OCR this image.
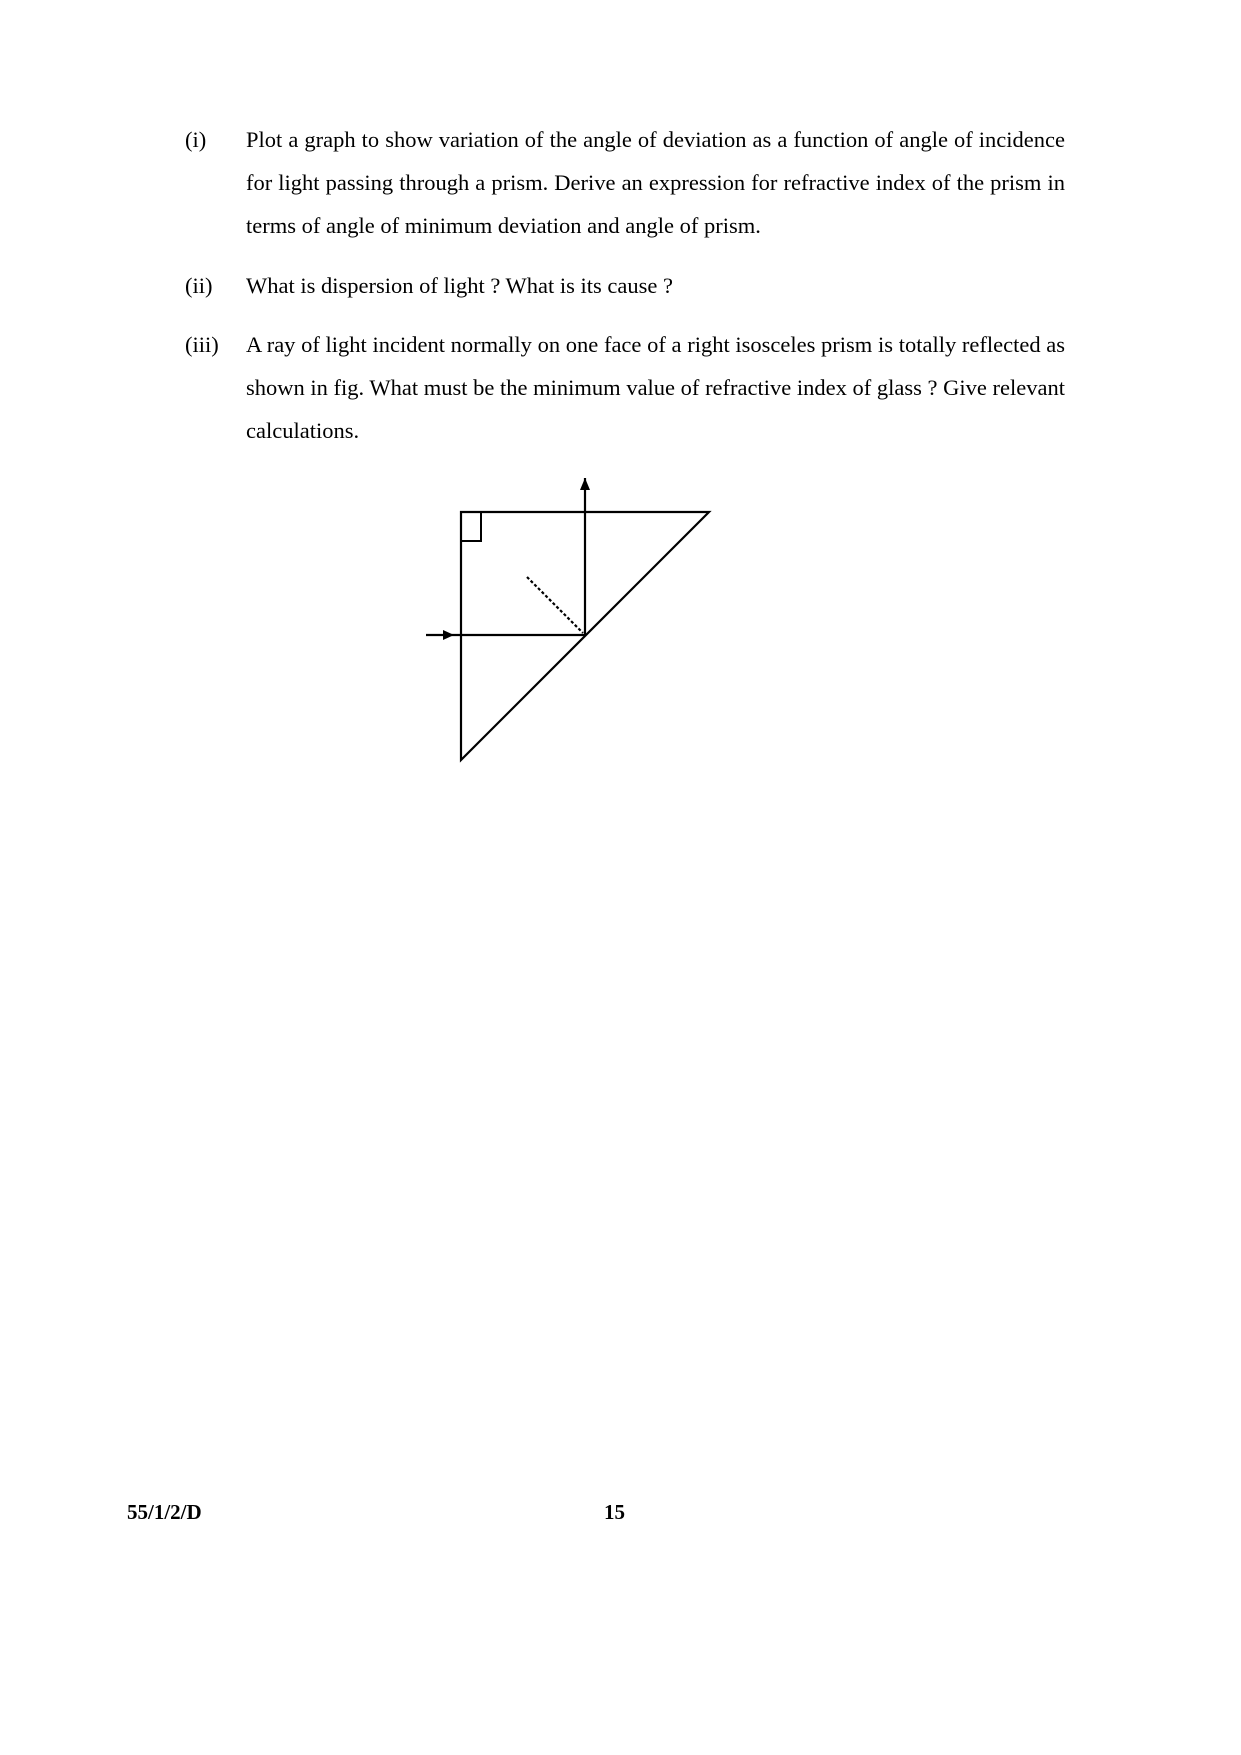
(i) Plot a graph to show variation of the angle of deviation as a function of angle of incidence for light passing through a prism. Derive an expression for refractive index of the prism in terms of angle of minimum deviation and angle of prism.
(ii) What is dispersion of light ? What is its cause ?
(iii) A ray of light incident normally on one face of a right isosceles prism is totally reflected as shown in fig. What must be the minimum value of refractive index of glass ? Give relevant calculations.
55/1/2/D	15
